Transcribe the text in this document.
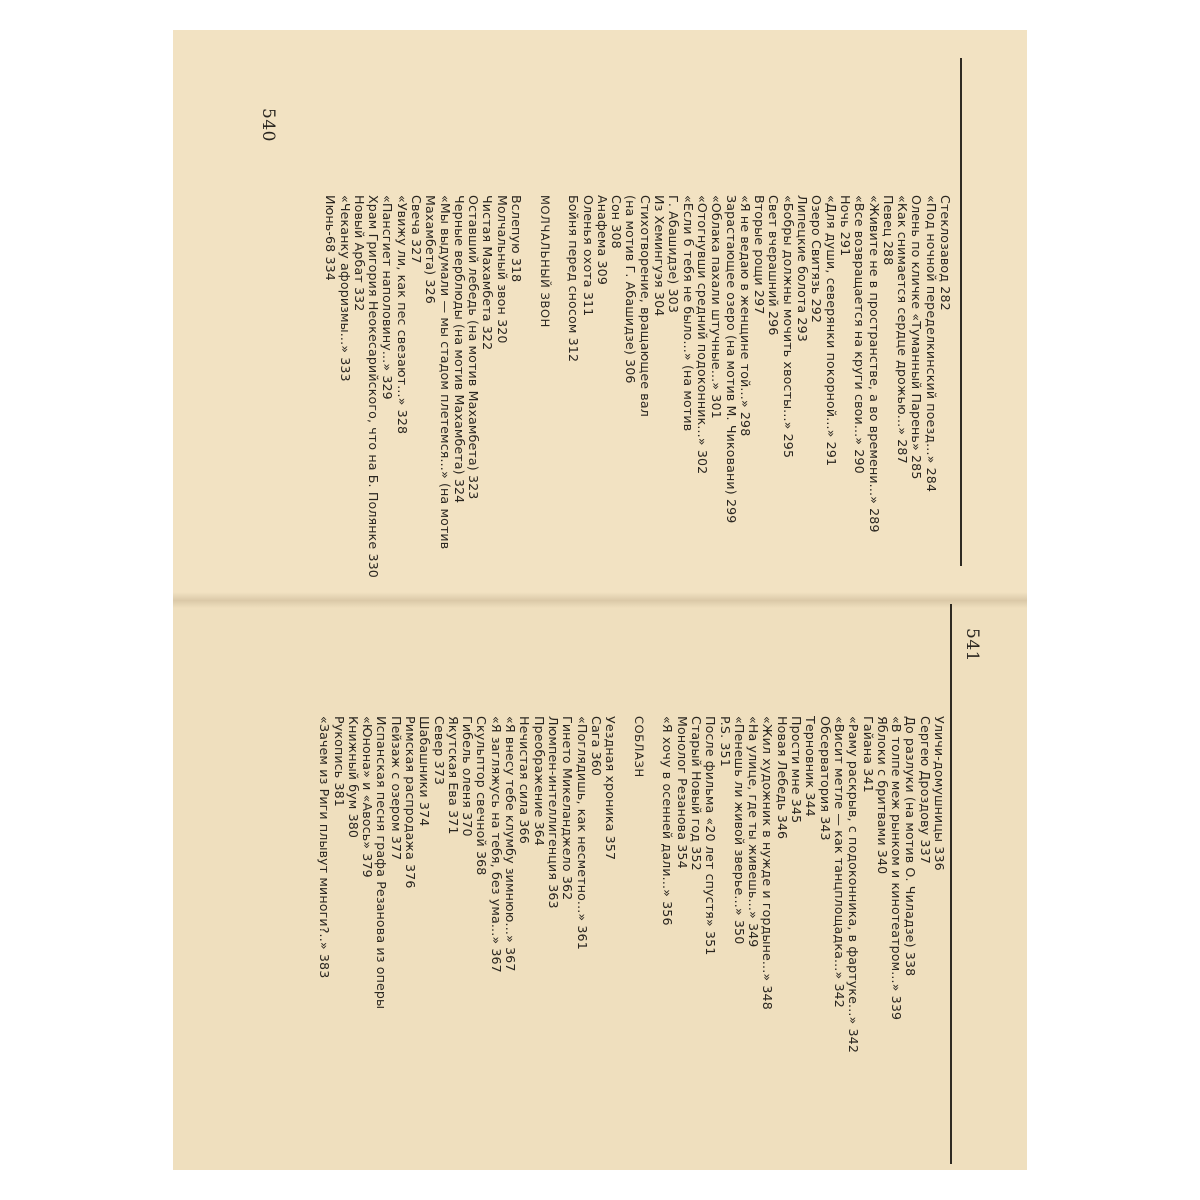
540
Стеклозавод 282
«Под ночной переделкинский поезд...» 284
Олень по кличке «Туманный Парень» 285
«Как снимается сердце дрожью...» 287
Певец 288
«Живите не в пространстве, а во времени...» 289
«Все возвращается на круги свои...» 290
Ночь 291
«Для души, северянки покорной...» 291
Озеро Свитязь 292
Липецкие болота 293
«Бобры должны мочить хвосты...» 295
Свет вчерашний 296
Вторые рощи 297
«Я не ведаю в женщине той...» 298
Зарастающее озеро (на мотив М. Чиковани) 299
«Облака пахали штучные...» 301
«Отогнувши средний подоконник...» 302
«Если б тебя не было...» (на мотив
Г. Абашидзе) 303
Из Хемингуэя 304
Стихотворение, вращающее вал
(на мотив Г. Абашидзе) 306
Сон 308
Анафема 309
Оленья охота 311
Бойня перед сносом 312
МОЛЧАЛЬНЫЙ ЗВОН
Вслепую 318
Молчальный звон 320
Чистая Махамбета 322
Оставший лебедь (на мотив Махамбета) 323
Черные верблюды (на мотив Махамбета) 324
«Мы выдумали — мы стадом плетемся...» (на мотив
Махамбета) 326
Свеча 327
«Увижу ли, как пес свезают...» 328
«Пансгиет наполовину...» 329
Храм Григория Неокесарийского, что на Б. Полянке 330
Новый Арбат 332
«Чеканку афоризмы...» 333
Июнь-68 334
541
Уличи-домушницы 336
Сергею Дроздову 337
До разлуки (на мотив О. Чиладзе) 338
«В толпе меж рынком и кинотеатром...» 339
Яблоки с бритвами 340
Гайана 341
«Раму раскрыв, с подоконника, в фартуке...» 342
«Висит метле — как танцплощадка...» 342
Обсерватория 343
Терновник 344
Прости мне 345
Новая Лебедь 346
«Жил художник в нужде и гордыне...» 348
«На улице, где ты живешь...» 349
«Пенешь ли живой зверье...» 350
P.S. 351
После фильма «20 лет спустя» 351
Старый Новый год 352
Монолог Резанова 354
«Я хочу в осенней дали...» 356
СОБЛАЗН
Уездная хроника 357
Сага 360
«Поглядишь, как несметно...» 361
Гинето Микеланджело 362
Люмпен-интеллигенция 363
Преображение 364
Нечистая сила 366
«Я внесу тебе клумбу зимнюю...» 367
«Я загляжусь на тебя, без ума...» 367
Скульптор свечной 368
Гибель оленя 370
Якутская Ева 371
Север 373
Шабашники 374
Римская распродажа 376
Пейзаж с озером 377
Испанская песня графа Резанова из оперы
«Юнона» и «Авось» 379
Книжный бум 380
Рукопись 381
«Зачем из Риги плывут миноги?..» 383
